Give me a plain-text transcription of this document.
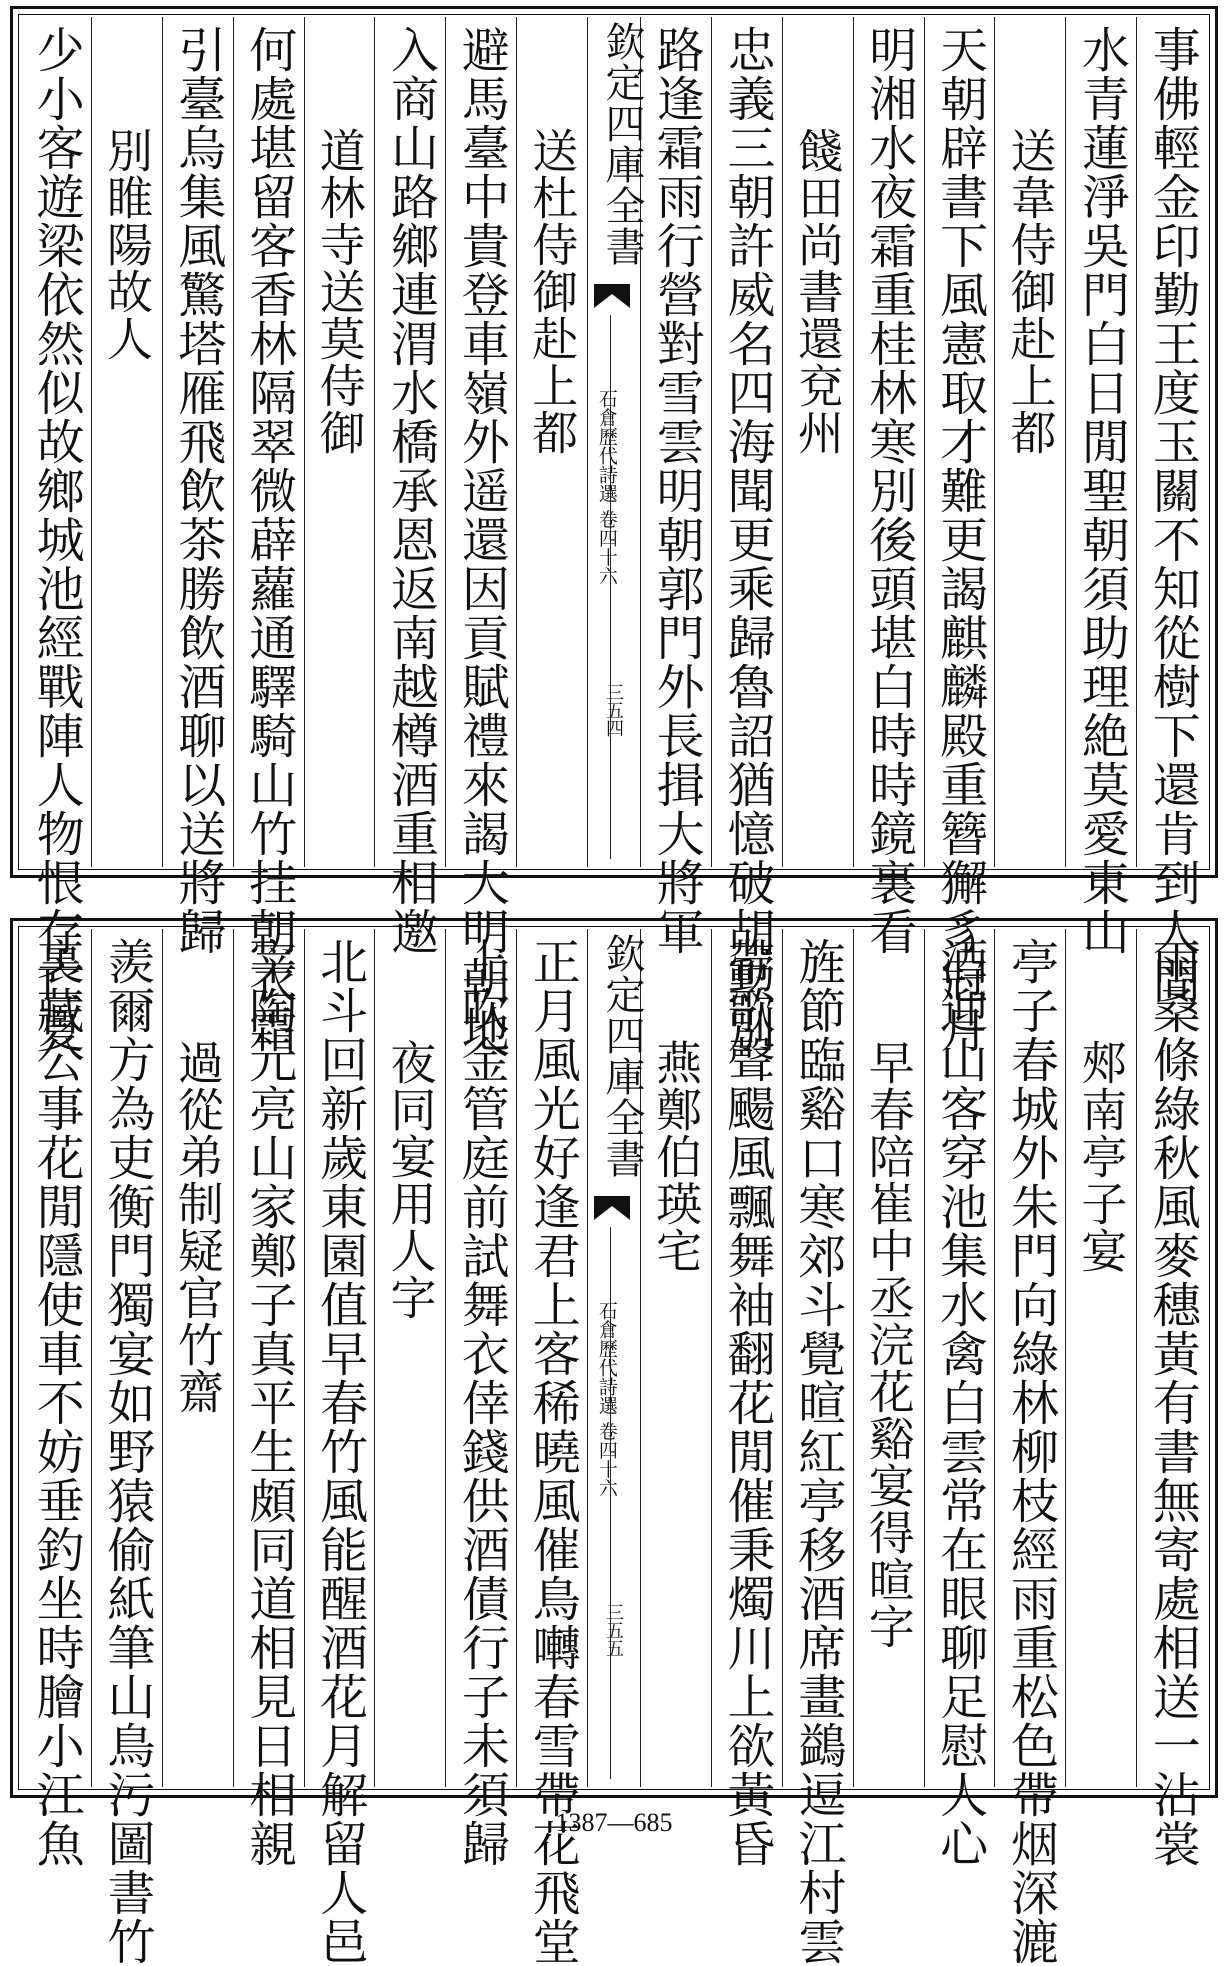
事佛輕金印勤王度玉關不知從樹下還肯到人間
水青蓮淨吳門白日閒聖朝須助理絶莫愛東山
送韋侍御赴上都
天朝辟書下風憲取才難更謁麒麟殿重簪獬豸冠月
明湘水夜霜重桂林寒別後頭堪白時時鏡裏看
餞田尚書還兗州
忠義三朝許威名四海聞更乘歸魯詔猶憶破胡勲別
路逢霜雨行營對雪雲明朝郭門外長揖大將軍
欽定四庫全書
石倉歷代詩選 卷四十六
三五四
送杜侍御赴上都
避馬臺中貴登車嶺外遥還因貢賦禮來謁大明朝地
入商山路鄉連渭水橋承恩返南越樽酒重相邀
道林寺送莫侍御
何處堪留客香林隔翠微薜蘿通驛騎山竹挂朝衣霜
引臺烏集風驚塔雁飛飲茶勝飲酒聊以送將歸
別睢陽故人
少小客遊梁依然似故鄉城池經戰陣人物恨存亡夏
雨桑條綠秋風麥穗黃有書無寄處相送一沾裳
郟南亭子宴
亭子春城外朱門向綠林柳枝經雨重松色帶烟深漉
酒迎山客穿池集水禽白雲常在眼聊足慰人心
早春陪崔中丞浣花谿宴得暄字
旌節臨谿口寒郊斗覺暄紅亭移酒席畫鷁逗江村雲
帶歌聲颺風飄舞袖翻花閒催秉燭川上欲黃昏
燕鄭伯瑛宅
欽定四庫全書
石倉歷代詩選 卷四十六
三五五
正月風光好逢君上客稀曉風催鳥囀春雪帶花飛堂
上吹金管庭前試舞衣倖錢供酒債行子未須歸
夜同宴用人字
北斗回新歲東園值早春竹風能醒酒花月解留人邑
宰陶元亮山家鄭子真平生頗同道相見日相親
過從弟制疑官竹齋
羨爾方為吏衡門獨宴如野猿偷紙筆山鳥污圖書竹
裏藏公事花閒隱使車不妨垂釣坐時膾小江魚	1387—685
